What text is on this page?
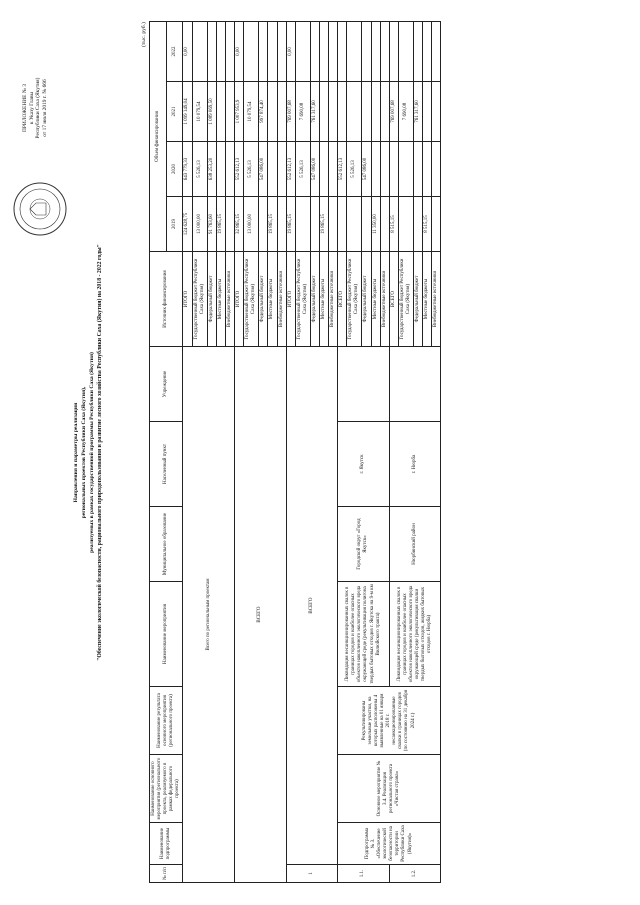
ПРИЛОЖЕНИЕ № 3 к Указу Главы Республики Саха (Якутия) от 17 июля 2019 г. № 666
Направления и параметры реализации региональных проектов Республики Саха (Якутия), реализуемых в рамках государственной программы Республики Саха (Якутия) "Обеспечение экологической безопасности, рационального природопользования и развитие лесного хозяйства Республики Саха (Якутия) на 2018 - 2022 годы"
(тыс. руб.)
№ п/п	Наименование подпрограммы	Наименование основного мероприятия (регионального проекта, реализуемого в рамках федерального проекта)	Наименование результата основного мероприятия (регионального проекта)	Наименование мероприятия	Муниципальное образование	Населенный пункт	Учреждение	Источник финансирования	Объем финансирования			
									2019	2020	2021	2022
Всего по региональным проектам								ИТОГО	124 628,75	643 779,33	1 099 149,04	0,00
								Государственный бюджет Республики Саха (Якутия)	13 000,00	5 526,13	10 079,54	
								Федеральный бюджет	91 763,60	638 253,20	1 089 069,50	
								Местные бюджеты	19 865,15			
								Внебюджетные источники				
ВСЕГО								ИТОГО	32 865,15	552 612,13	1 007 953,9	0,00
								Государственный бюджет Республики Саха (Якутия)	13 000,00	5 526,13	10 079,54	
								Федеральный бюджет		547 086,00	997 874,40	
								Местные бюджеты	19 865,15			
								Внебюджетные источники				
1	ВСЕГО							ИТОГО	19 865,15	552 612,13	769 007,68	0,00
								Государственный бюджет Республики Саха (Якутия)		5 526,13	7 690,08	
								Федеральный бюджет		547 086,00	761 317,60	
								Местные бюджеты	19 865,15			
								Внебюджетные источники				
1.1.	Подпрограмма № 3. «Обеспечение экологической безопасности на территории Республики Саха (Якутия)»	Основное мероприятие № 3.4. Реализация регионального проекта «Чистая страна»	Рекультивированы земельные участки, на которых расположены 4 выявленные на 01 января 2018 г. несанкционированные свалки в границах городов (по состоянию на 31 декабря 2024 г.)	Ликвидация несанкционированных свалок в границах городов и наиболее опасных объектов накопленного экологического вреда окружающей среде (рекультивация полигона твердых бытовых отходов г. Якутска на 9-м км Вилюйского тракта)	Городской округ «Город Якутск»	г. Якутск		ВСЕГО		552 612,13		
								Государственный бюджет Республики Саха (Якутия)		5 526,13		
								Федеральный бюджет		547 086,00		
								Местные бюджеты	11 350,00			
								Внебюджетные источники				
1.2.				Ликвидация несанкционированных свалок в границах городов и наиболее опасных объектов накопленного экологического вреда окружающей среде (рекультивация свалки твердых бытовых отходов, жидких бытовых отходов г. Нюрба)	Нюрбинский район	г. Нюрба		ВСЕГО	8 515,15		769 007,68	
								Государственный бюджет Республики Саха (Якутия)			7 690,08	
								Федеральный бюджет			761 317,60	
								Местные бюджеты	8 515,15			
								Внебюджетные источники				
